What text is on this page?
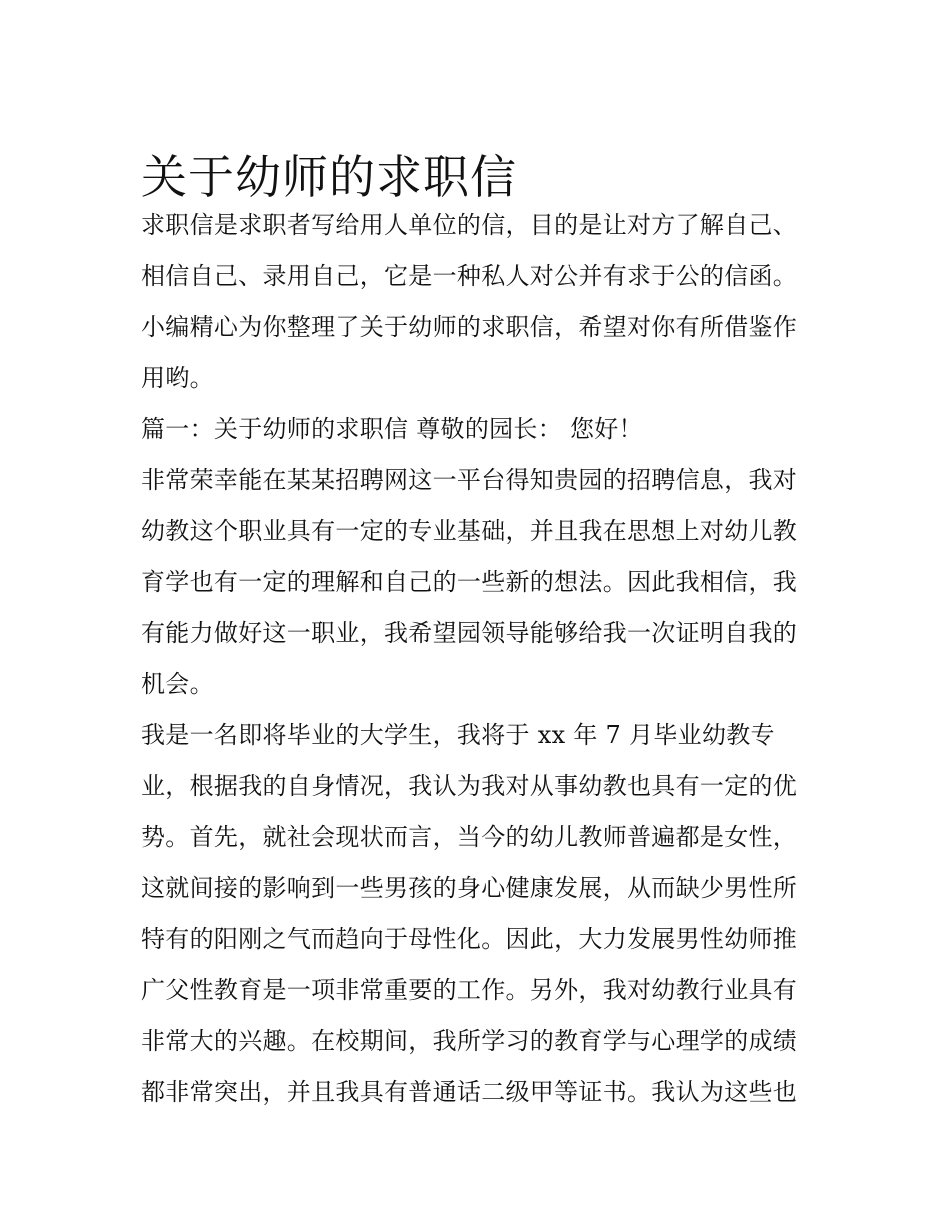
关于幼师的求职信
求职信是求职者写给用人单位的信，目的是让对方了解自己、
相信自己、录用自己，它是一种私人对公并有求于公的信函。
小编精心为你整理了关于幼师的求职信，希望对你有所借鉴作
用哟。
篇一：关于幼师的求职信 尊敬的园长： 您好！
非常荣幸能在某某招聘网这一平台得知贵园的招聘信息，我对
幼教这个职业具有一定的专业基础，并且我在思想上对幼儿教
育学也有一定的理解和自己的一些新的想法。因此我相信，我
有能力做好这一职业，我希望园领导能够给我一次证明自我的
机会。
我是一名即将毕业的大学生，我将于 xx 年 7 月毕业幼教专
业，根据我的自身情况，我认为我对从事幼教也具有一定的优
势。首先，就社会现状而言，当今的幼儿教师普遍都是女性，
这就间接的影响到一些男孩的身心健康发展，从而缺少男性所
特有的阳刚之气而趋向于母性化。因此，大力发展男性幼师推
广父性教育是一项非常重要的工作。另外，我对幼教行业具有
非常大的兴趣。在校期间，我所学习的教育学与心理学的成绩
都非常突出，并且我具有普通话二级甲等证书。我认为这些也
